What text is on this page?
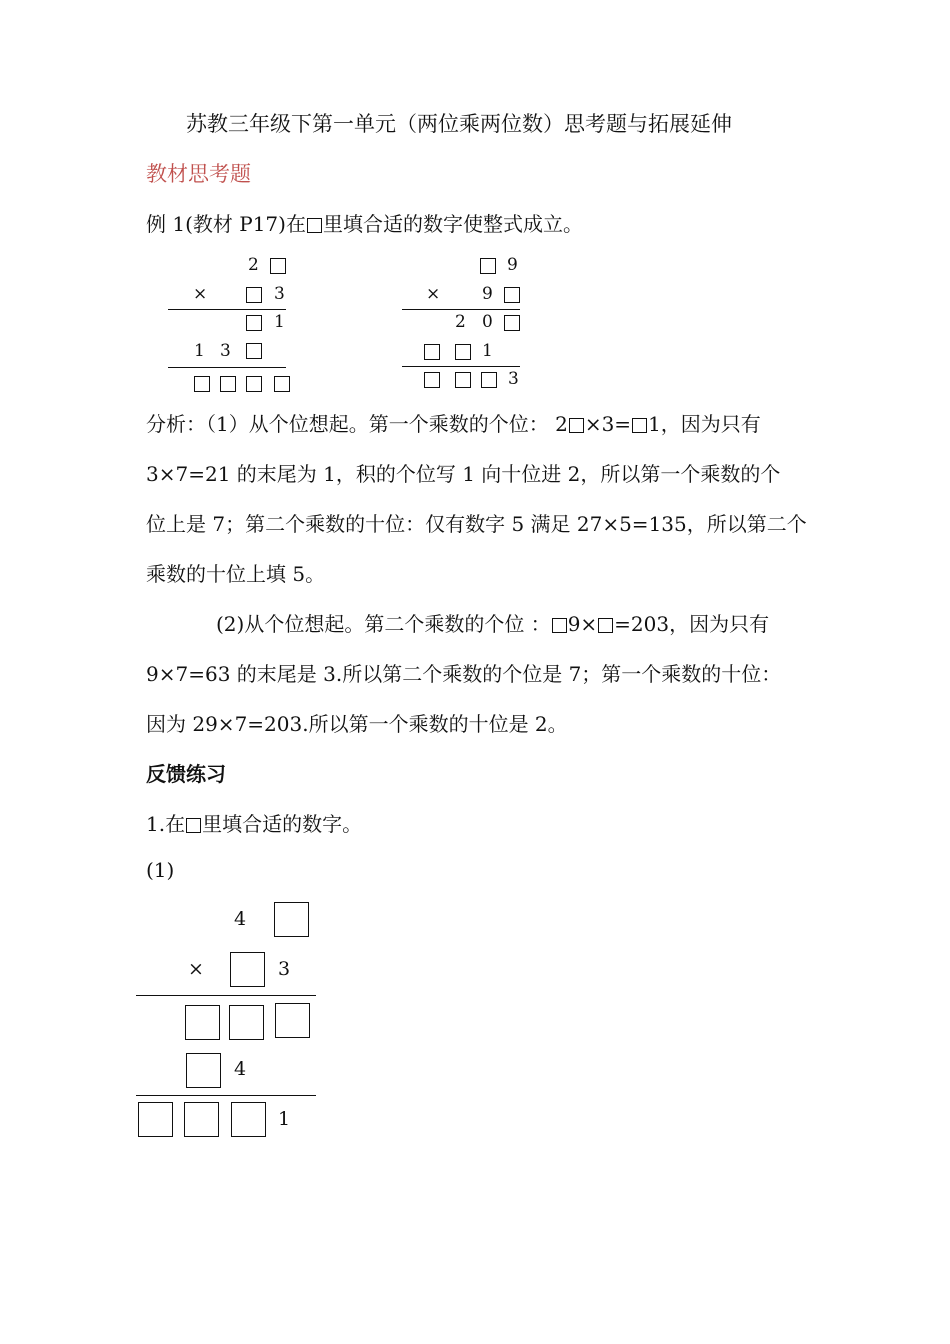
苏教三年级下第一单元（两位乘两位数）思考题与拓展延伸
教材思考题
例 1(教材 P17)在 里填合适的数字使整式成立。
2
×	3
1
1 3
9
× 9
2 0
1
3
分析：（1）从个位想起。第一个乘数的个位： 2 ×3= 1，因为只有
3×7=21 的末尾为 1，积的个位写 1 向十位进 2，所以第一个乘数的个
位上是 7；第二个乘数的十位：仅有数字 5 满足 27×5=135，所以第二个
乘数的十位上填 5。
(2)从个位想起。第二个乘数的个位 ： 9× =203，因为只有
9×7=63 的末尾是 3.所以第二个乘数的个位是 7；第一个乘数的十位：
因为 29×7=203.所以第一个乘数的十位是 2。
反馈练习
1.在 里填合适的数字。
(1)
4
×	3
4
1
